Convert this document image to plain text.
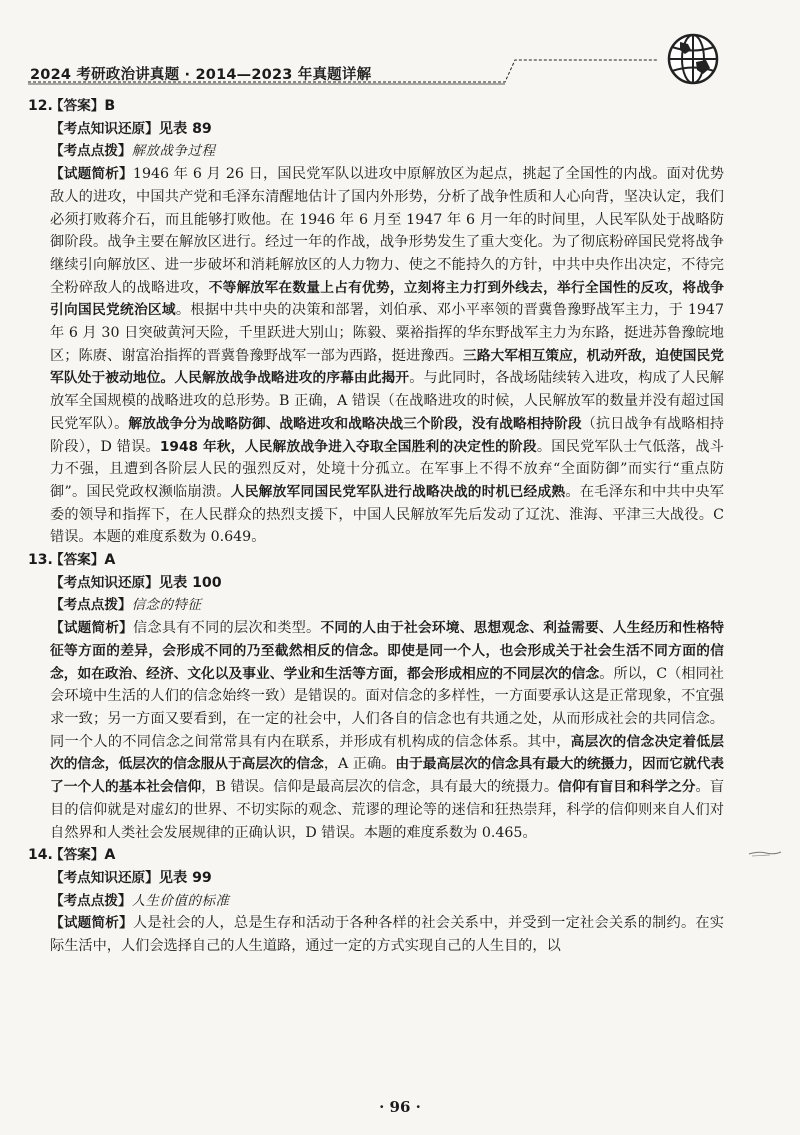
2024 考研政治讲真题 · 2014—2023 年真题详解
12.

【答案】B

【考点知识还原】见表 89

【考点点拨】解放战争过程

【试题简析】1946 年 6 月 26 日，国民党军队以进攻中原解放区为起点，挑起了全国性的内战。面对优势敌人的进攻，中国共产党和毛泽东清醒地估计了国内外形势，分析了战争性质和人心向背，坚决认定，我们必须打败蒋介石，而且能够打败他。在 1946 年 6 月至 1947 年 6 月一年的时间里，人民军队处于战略防御阶段。战争主要在解放区进行。经过一年的作战，战争形势发生了重大变化。为了彻底粉碎国民党将战争继续引向解放区、进一步破坏和消耗解放区的人力物力、使之不能持久的方针，中共中央作出决定，不待完全粉碎敌人的战略进攻，不等解放军在数量上占有优势，立刻将主力打到外线去，举行全国性的反攻，将战争引向国民党统治区域。根据中共中央的决策和部署，刘伯承、邓小平率领的晋冀鲁豫野战军主力，于 1947 年 6 月 30 日突破黄河天险，千里跃进大别山；陈毅、粟裕指挥的华东野战军主力为东路，挺进苏鲁豫皖地区；陈赓、谢富治指挥的晋冀鲁豫野战军一部为西路，挺进豫西。三路大军相互策应，机动歼敌，迫使国民党军队处于被动地位。人民解放战争战略进攻的序幕由此揭开。与此同时，各战场陆续转入进攻，构成了人民解放军全国规模的战略进攻的总形势。B 正确，A 错误（在战略进攻的时候，人民解放军的数量并没有超过国民党军队）。解放战争分为战略防御、战略进攻和战略决战三个阶段，没有战略相持阶段（抗日战争有战略相持阶段），D 错误。1948 年秋，人民解放战争进入夺取全国胜利的决定性的阶段。国民党军队士气低落，战斗力不强，且遭到各阶层人民的强烈反对，处境十分孤立。在军事上不得不放弃“全面防御”而实行“重点防御”。国民党政权濒临崩溃。人民解放军同国民党军队进行战略决战的时机已经成熟。在毛泽东和中共中央军委的领导和指挥下，在人民群众的热烈支援下，中国人民解放军先后发动了辽沈、淮海、平津三大战役。C 错误。本题的难度系数为 0.649。

13.

【答案】A

【考点知识还原】见表 100

【考点点拨】信念的特征

【试题简析】信念具有不同的层次和类型。不同的人由于社会环境、思想观念、利益需要、人生经历和性格特征等方面的差异，会形成不同的乃至截然相反的信念。即使是同一个人，也会形成关于社会生活不同方面的信念，如在政治、经济、文化以及事业、学业和生活等方面，都会形成相应的不同层次的信念。所以，C（相同社会环境中生活的人们的信念始终一致）是错误的。面对信念的多样性，一方面要承认这是正常现象，不宜强求一致；另一方面又要看到，在一定的社会中，人们各自的信念也有共通之处，从而形成社会的共同信念。同一个人的不同信念之间常常具有内在联系，并形成有机构成的信念体系。其中，高层次的信念决定着低层次的信念，低层次的信念服从于高层次的信念，A 正确。由于最高层次的信念具有最大的统摄力，因而它就代表了一个人的基本社会信仰，B 错误。信仰是最高层次的信念，具有最大的统摄力。信仰有盲目和科学之分。盲目的信仰就是对虚幻的世界、不切实际的观念、荒谬的理论等的迷信和狂热崇拜，科学的信仰则来自人们对自然界和人类社会发展规律的正确认识，D 错误。本题的难度系数为 0.465。

14.

【答案】A

【考点知识还原】见表 99

【考点点拨】人生价值的标准

【试题简析】人是社会的人，总是生存和活动于各种各样的社会关系中，并受到一定社会关系的制约。在实际生活中，人们会选择自己的人生道路，通过一定的方式实现自己的人生目的，以

· 96 ·
